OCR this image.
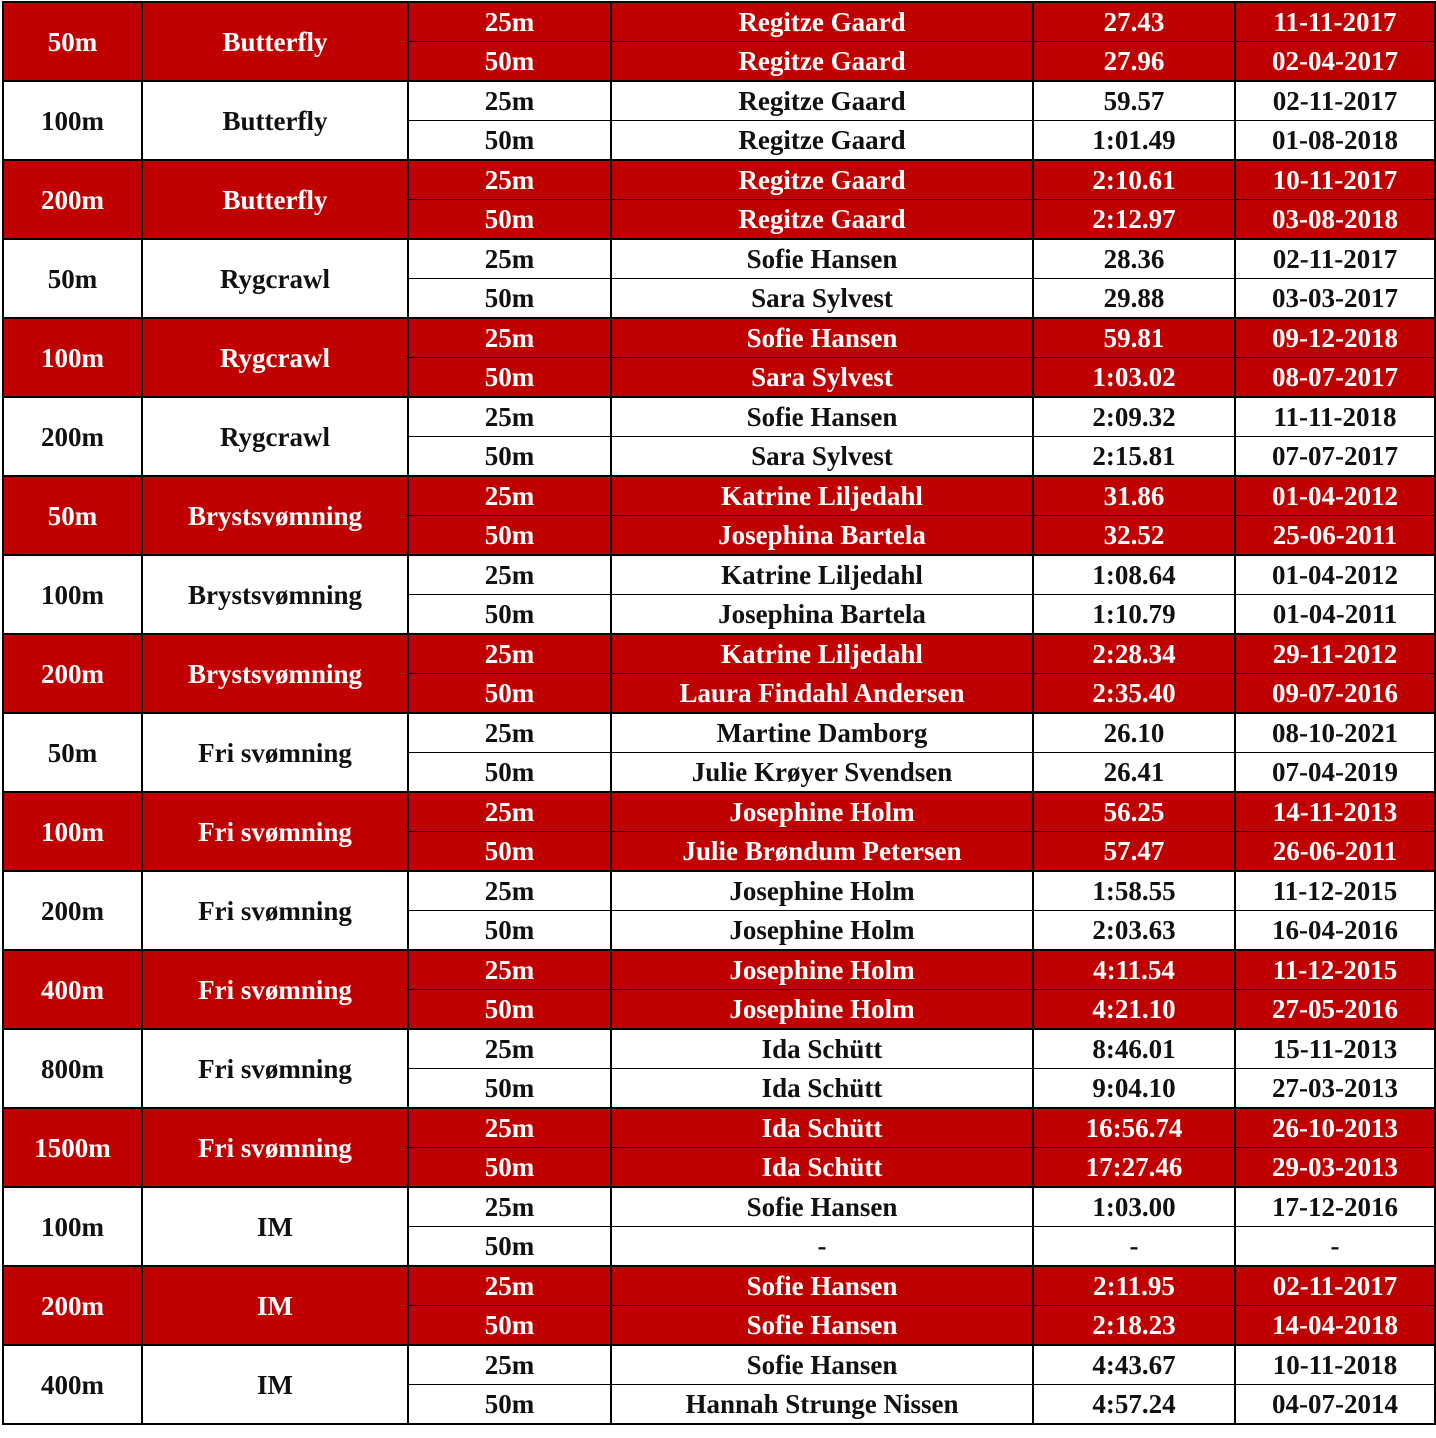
50m	Butterfly	25m	Regitze Gaard	27.43	11-11-2017
		50m	Regitze Gaard	27.96	02-04-2017
100m	Butterfly	25m	Regitze Gaard	59.57	02-11-2017
		50m	Regitze Gaard	1:01.49	01-08-2018
200m	Butterfly	25m	Regitze Gaard	2:10.61	10-11-2017
		50m	Regitze Gaard	2:12.97	03-08-2018
50m	Rygcrawl	25m	Sofie Hansen	28.36	02-11-2017
		50m	Sara Sylvest	29.88	03-03-2017
100m	Rygcrawl	25m	Sofie Hansen	59.81	09-12-2018
		50m	Sara Sylvest	1:03.02	08-07-2017
200m	Rygcrawl	25m	Sofie Hansen	2:09.32	11-11-2018
		50m	Sara Sylvest	2:15.81	07-07-2017
50m	Brystsvømning	25m	Katrine Liljedahl	31.86	01-04-2012
		50m	Josephina Bartela	32.52	25-06-2011
100m	Brystsvømning	25m	Katrine Liljedahl	1:08.64	01-04-2012
		50m	Josephina Bartela	1:10.79	01-04-2011
200m	Brystsvømning	25m	Katrine Liljedahl	2:28.34	29-11-2012
		50m	Laura Findahl Andersen	2:35.40	09-07-2016
50m	Fri svømning	25m	Martine Damborg	26.10	08-10-2021
		50m	Julie Krøyer Svendsen	26.41	07-04-2019
100m	Fri svømning	25m	Josephine Holm	56.25	14-11-2013
		50m	Julie Brøndum Petersen	57.47	26-06-2011
200m	Fri svømning	25m	Josephine Holm	1:58.55	11-12-2015
		50m	Josephine Holm	2:03.63	16-04-2016
400m	Fri svømning	25m	Josephine Holm	4:11.54	11-12-2015
		50m	Josephine Holm	4:21.10	27-05-2016
800m	Fri svømning	25m	Ida Schütt	8:46.01	15-11-2013
		50m	Ida Schütt	9:04.10	27-03-2013
1500m	Fri svømning	25m	Ida Schütt	16:56.74	26-10-2013
		50m	Ida Schütt	17:27.46	29-03-2013
100m	IM	25m	Sofie Hansen	1:03.00	17-12-2016
		50m	-	-	-
200m	IM	25m	Sofie Hansen	2:11.95	02-11-2017
		50m	Sofie Hansen	2:18.23	14-04-2018
400m	IM	25m	Sofie Hansen	4:43.67	10-11-2018
		50m	Hannah Strunge Nissen	4:57.24	04-07-2014
